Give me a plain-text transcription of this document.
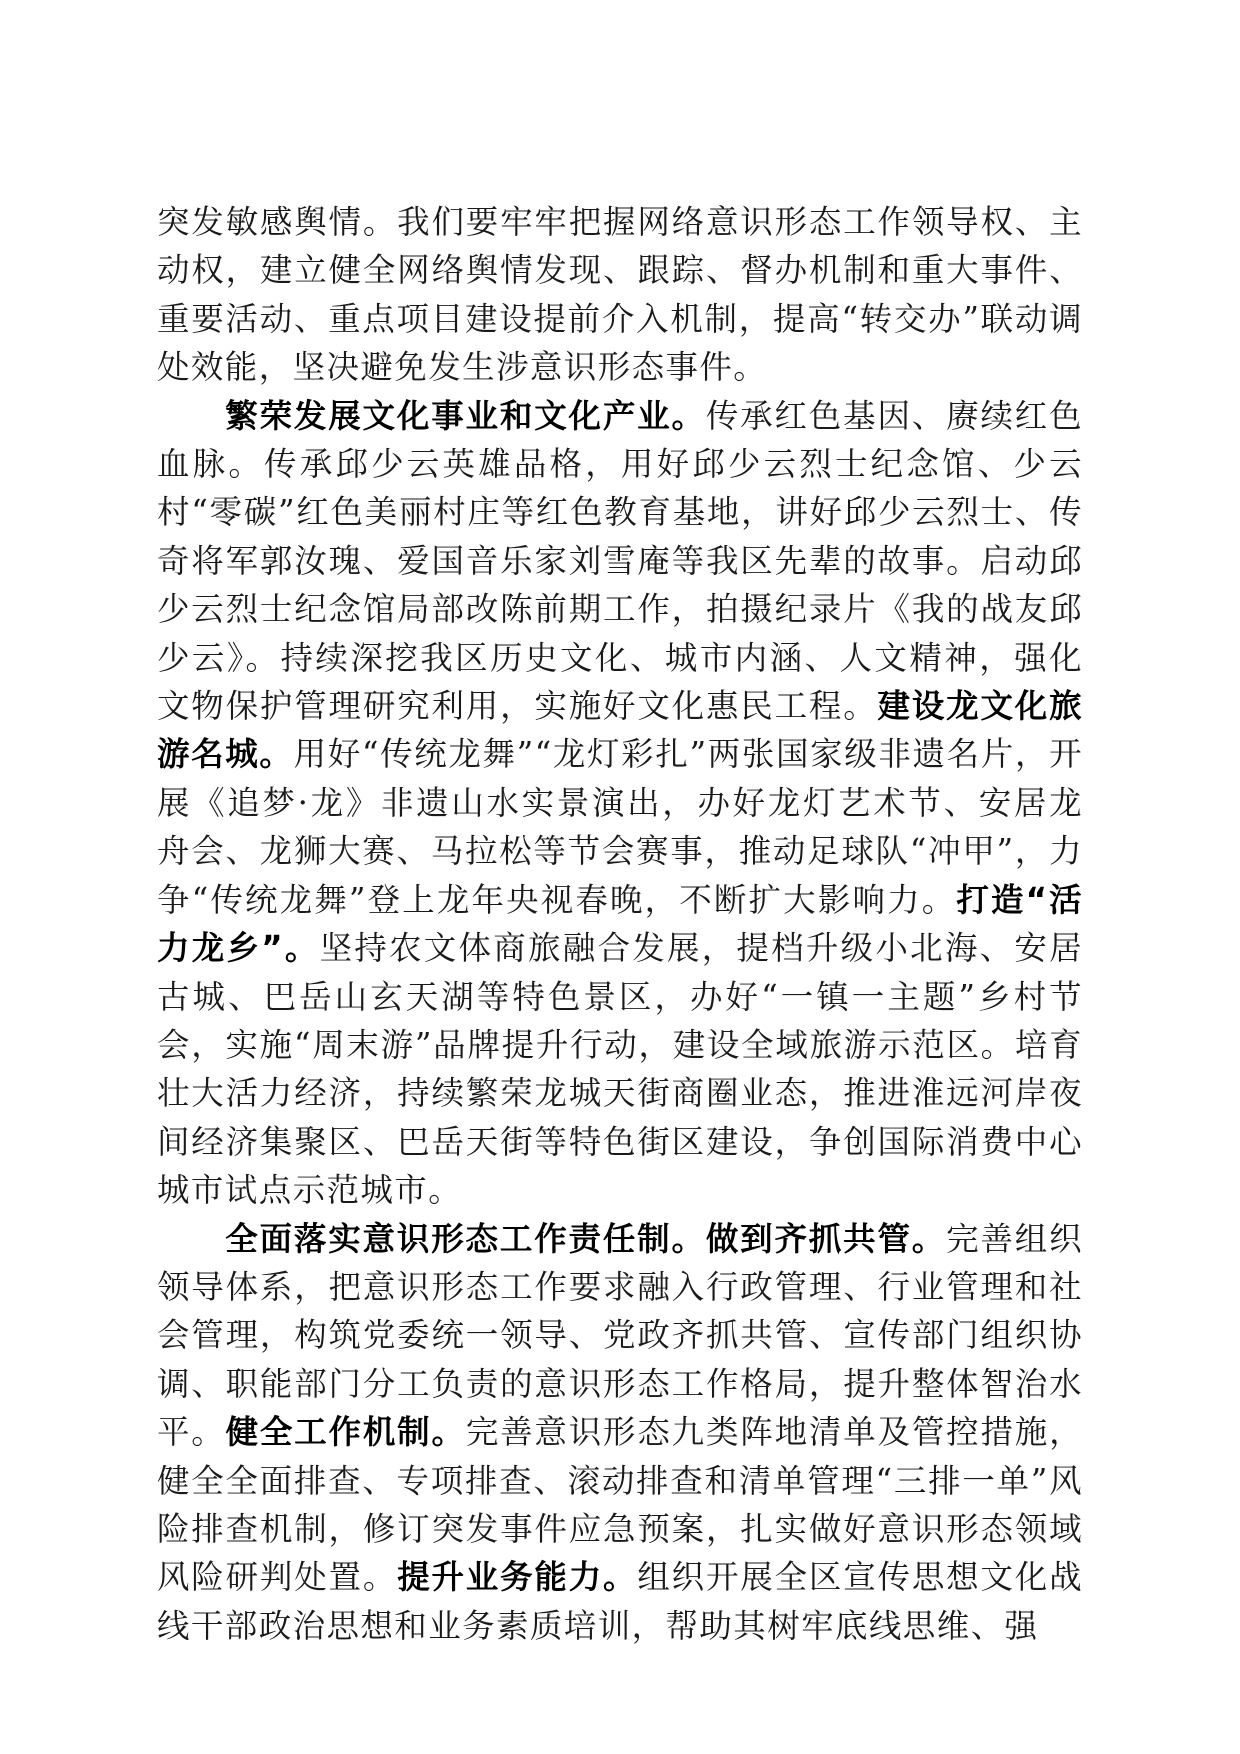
突发敏感舆情。我们要牢牢把握网络意识形态工作领导权、主动权，建立健全网络舆情发现、跟踪、督办机制和重大事件、重要活动、重点项目建设提前介入机制，提高“转交办”联动调处效能，坚决避免发生涉意识形态事件。

繁荣发展文化事业和文化产业。传承红色基因、赓续红色血脉。传承邱少云英雄品格，用好邱少云烈士纪念馆、少云村“零碳”红色美丽村庄等红色教育基地，讲好邱少云烈士、传奇将军郭汝瑰、爱国音乐家刘雪庵等我区先辈的故事。启动邱少云烈士纪念馆局部改陈前期工作，拍摄纪录片《我的战友邱少云》。持续深挖我区历史文化、城市内涵、人文精神，强化文物保护管理研究利用，实施好文化惠民工程。建设龙文化旅游名城。用好“传统龙舞”“龙灯彩扎”两张国家级非遗名片，开展《追梦·龙》非遗山水实景演出，办好龙灯艺术节、安居龙舟会、龙狮大赛、马拉松等节会赛事，推动足球队“冲甲”，力争“传统龙舞”登上龙年央视春晚，不断扩大影响力。打造“活力龙乡”。坚持农文体商旅融合发展，提档升级小北海、安居古城、巴岳山玄天湖等特色景区，办好“一镇一主题”乡村节会，实施“周末游”品牌提升行动，建设全域旅游示范区。培育壮大活力经济，持续繁荣龙城天街商圈业态，推进淮远河岸夜间经济集聚区、巴岳天街等特色街区建设，争创国际消费中心城市试点示范城市。

全面落实意识形态工作责任制。做到齐抓共管。完善组织领导体系，把意识形态工作要求融入行政管理、行业管理和社会管理，构筑党委统一领导、党政齐抓共管、宣传部门组织协调、职能部门分工负责的意识形态工作格局，提升整体智治水平。健全工作机制。完善意识形态九类阵地清单及管控措施，健全全面排查、专项排查、滚动排查和清单管理“三排一单”风险排查机制，修订突发事件应急预案，扎实做好意识形态领域风险研判处置。提升业务能力。组织开展全区宣传思想文化战线干部政治思想和业务素质培训，帮助其树牢底线思维、强
